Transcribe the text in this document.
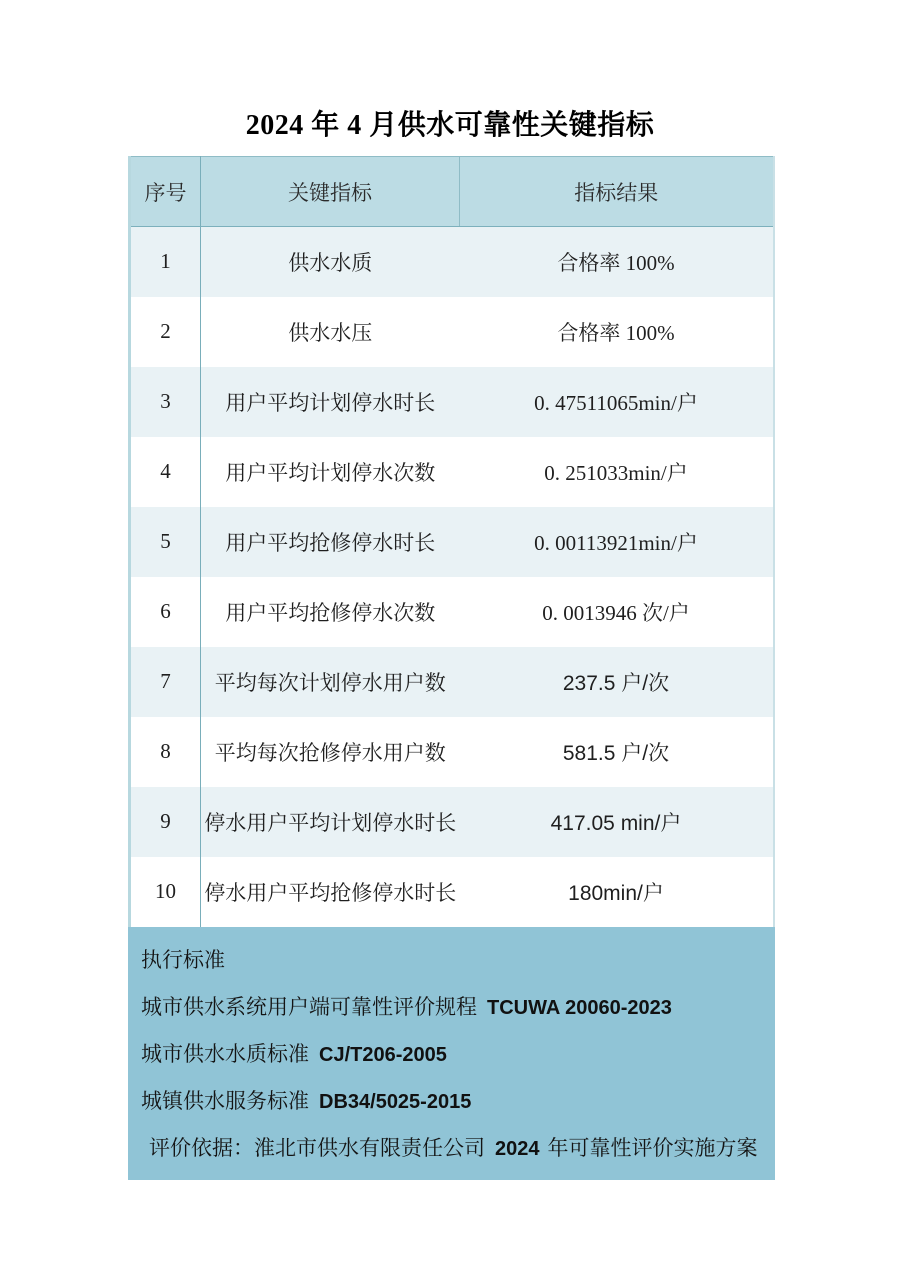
2024 年 4 月供水可靠性关键指标
序号	关键指标	指标结果
1	供水水质	合格率 100%
2	供水水压	合格率 100%
3	用户平均计划停水时长	0. 47511065min/户
4	用户平均计划停水次数	0. 251033min/户
5	用户平均抢修停水时长	0. 00113921min/户
6	用户平均抢修停水次数	0. 0013946 次/户
7	平均每次计划停水用户数	237.5 户/次
8	平均每次抢修停水用户数	581.5 户/次
9	停水用户平均计划停水时长	417.05 min/户
10	停水用户平均抢修停水时长	180min/户
执行标准
城市供水系统用户端可靠性评价规程 TCUWA 20060-2023
城市供水水质标准 CJ/T206-2005
城镇供水服务标准 DB34/5025-2015
评价依据：淮北市供水有限责任公司 2024 年可靠性评价实施方案
